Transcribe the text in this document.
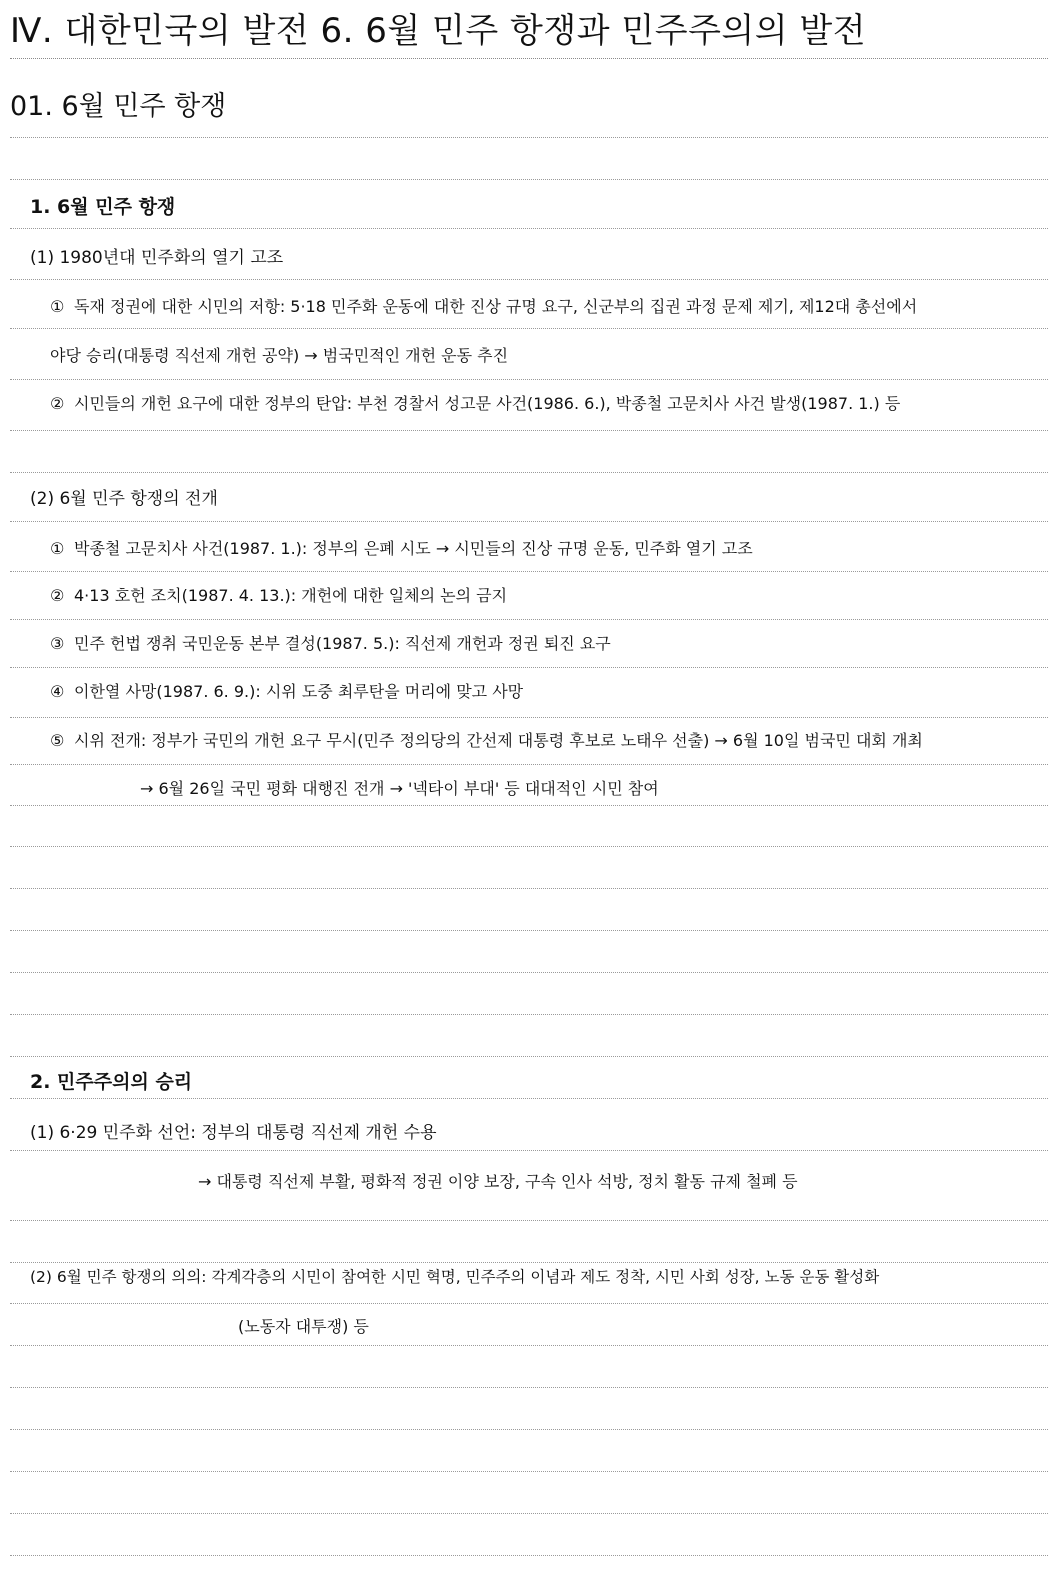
Ⅳ. 대한민국의 발전 6. 6월 민주 항쟁과 민주주의의 발전
01. 6월 민주 항쟁
1. 6월 민주 항쟁
(1) 1980년대 민주화의 열기 고조
① 독재 정권에 대한 시민의 저항: 5·18 민주화 운동에 대한 진상 규명 요구, 신군부의 집권 과정 문제 제기, 제12대 총선에서
야당 승리(대통령 직선제 개헌 공약) → 범국민적인 개헌 운동 추진
② 시민들의 개헌 요구에 대한 정부의 탄압: 부천 경찰서 성고문 사건(1986. 6.), 박종철 고문치사 사건 발생(1987. 1.) 등
(2) 6월 민주 항쟁의 전개
① 박종철 고문치사 사건(1987. 1.): 정부의 은폐 시도 → 시민들의 진상 규명 운동, 민주화 열기 고조
② 4·13 호헌 조치(1987. 4. 13.): 개헌에 대한 일체의 논의 금지
③ 민주 헌법 쟁취 국민운동 본부 결성(1987. 5.): 직선제 개헌과 정권 퇴진 요구
④ 이한열 사망(1987. 6. 9.): 시위 도중 최루탄을 머리에 맞고 사망
⑤ 시위 전개: 정부가 국민의 개헌 요구 무시(민주 정의당의 간선제 대통령 후보로 노태우 선출) → 6월 10일 범국민 대회 개최
→ 6월 26일 국민 평화 대행진 전개 → '넥타이 부대' 등 대대적인 시민 참여
2. 민주주의의 승리
(1) 6·29 민주화 선언: 정부의 대통령 직선제 개헌 수용
→ 대통령 직선제 부활, 평화적 정권 이양 보장, 구속 인사 석방, 정치 활동 규제 철폐 등
(2) 6월 민주 항쟁의 의의: 각계각층의 시민이 참여한 시민 혁명, 민주주의 이념과 제도 정착, 시민 사회 성장, 노동 운동 활성화
(노동자 대투쟁) 등
